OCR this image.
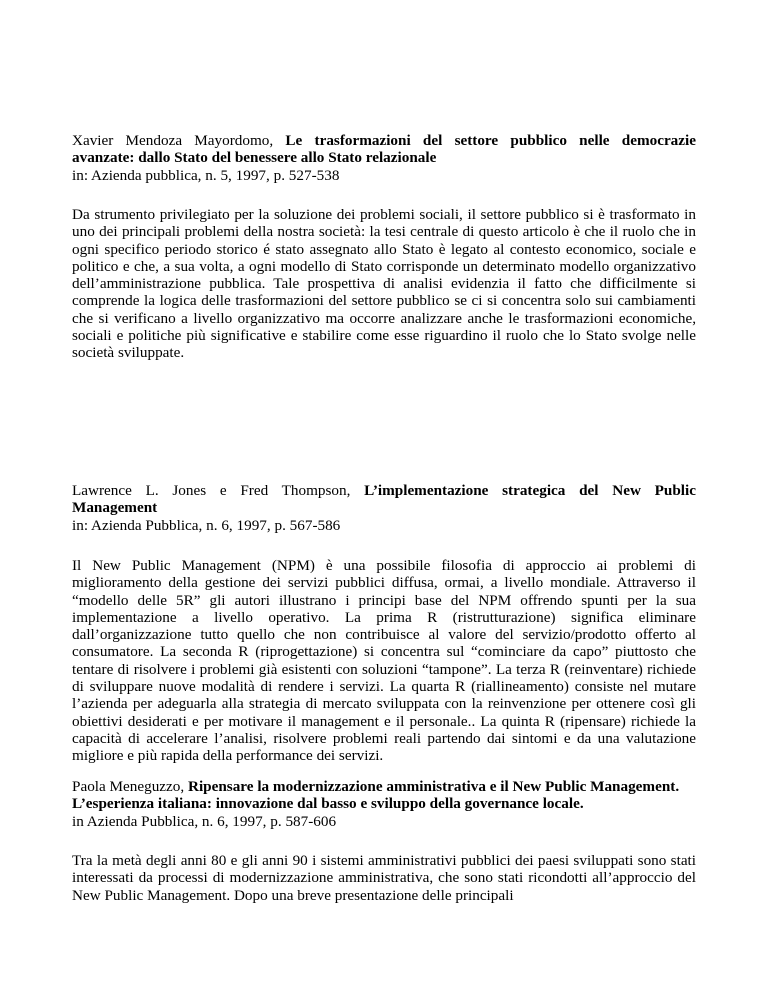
Xavier Mendoza Mayordomo, Le trasformazioni del settore pubblico nelle democrazie
avanzate: dallo Stato del benessere allo Stato relazionale
in: Azienda pubblica, n. 5, 1997, p. 527-538
Da strumento privilegiato per la soluzione dei problemi sociali, il settore pubblico si è trasformato in uno dei principali problemi della nostra società: la tesi centrale di questo articolo è che il ruolo che in ogni specifico periodo storico é stato assegnato allo Stato è legato al contesto economico, sociale e politico e che, a sua volta, a ogni modello di Stato corrisponde un determinato modello organizzativo dell’amministrazione pubblica. Tale prospettiva di analisi evidenzia il fatto che difficilmente si comprende la logica delle trasformazioni del settore pubblico se ci si concentra solo sui cambiamenti che si verificano a livello organizzativo ma occorre analizzare anche le trasformazioni economiche, sociali e politiche più significative e stabilire come esse riguardino il ruolo che lo Stato svolge nelle società sviluppate.
Lawrence L. Jones e Fred Thompson, L’implementazione strategica del New Public
Management
in: Azienda Pubblica, n. 6, 1997, p. 567-586
Il New Public Management (NPM) è una possibile filosofia di approccio ai problemi di miglioramento della gestione dei servizi pubblici diffusa, ormai, a livello mondiale. Attraverso il “modello delle 5R” gli autori illustrano i principi base del NPM offrendo spunti per la sua implementazione a livello operativo. La prima R (ristrutturazione) significa eliminare dall’organizzazione tutto quello che non contribuisce al valore del servizio/prodotto offerto al consumatore. La seconda R (riprogettazione) si concentra sul “cominciare da capo” piuttosto che tentare di risolvere i problemi già esistenti con soluzioni “tampone”. La terza R (reinventare) richiede di sviluppare nuove modalità di rendere i servizi. La quarta R (riallineamento) consiste nel mutare l’azienda per adeguarla alla strategia di mercato sviluppata con la reinvenzione per ottenere così gli obiettivi desiderati e per motivare il management e il personale.. La quinta R (ripensare) richiede la capacità di accelerare l’analisi, risolvere problemi reali partendo dai sintomi e da una valutazione migliore e più rapida della performance dei servizi.
Paola Meneguzzo, Ripensare la modernizzazione amministrativa e il New Public Management.
L’esperienza italiana: innovazione dal basso e sviluppo della governance locale.
in Azienda Pubblica, n. 6, 1997, p. 587-606
Tra la metà degli anni 80 e gli anni 90 i sistemi amministrativi pubblici dei paesi sviluppati sono stati interessati da processi di modernizzazione amministrativa, che sono stati ricondotti all’approccio del New Public Management. Dopo una breve presentazione delle principali
